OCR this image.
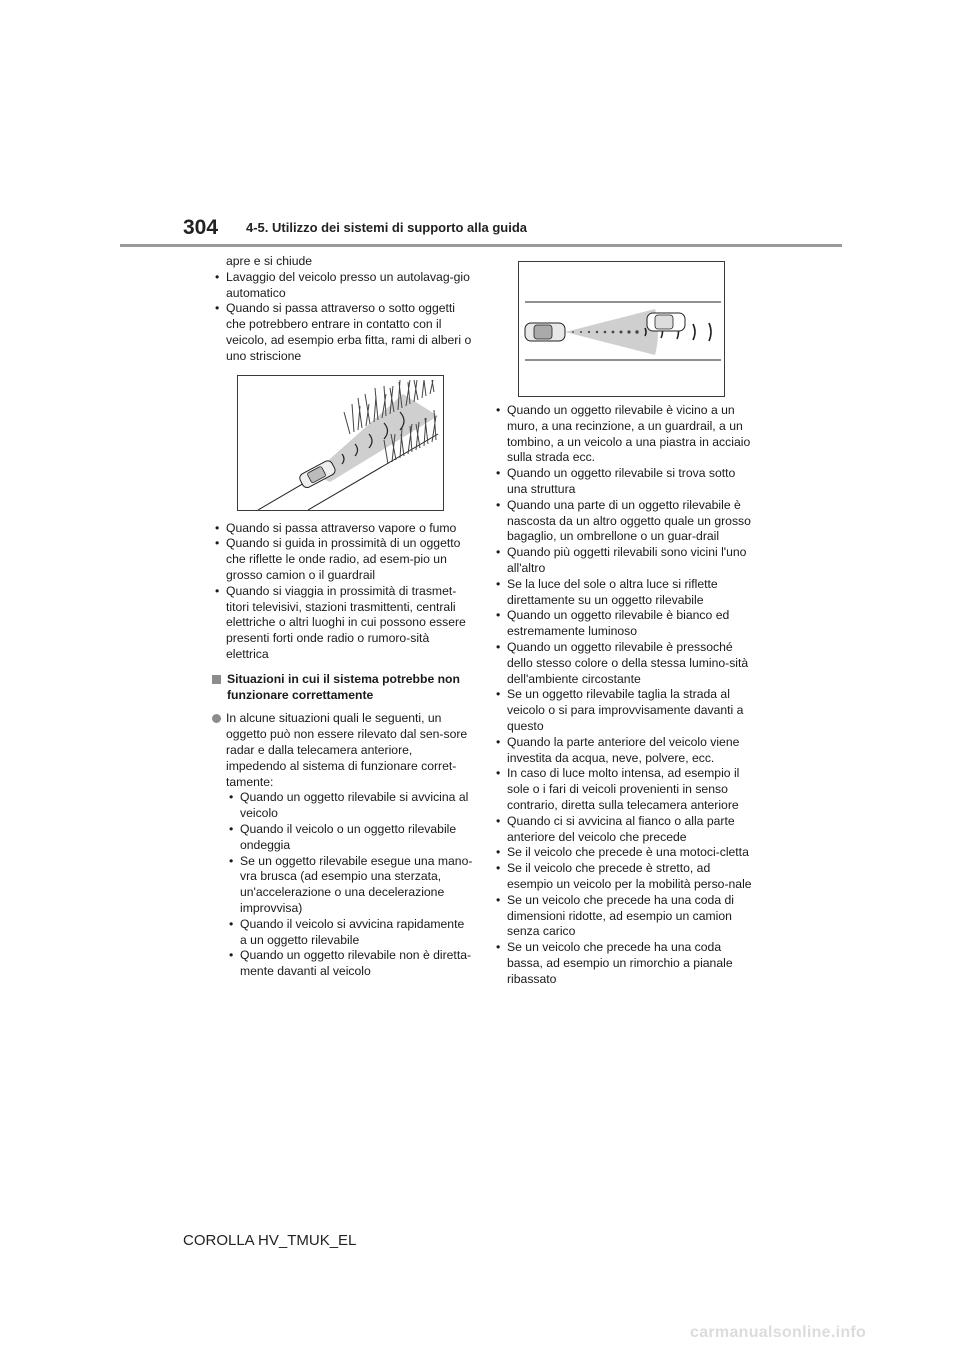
304 4-5. Utilizzo dei sistemi di supporto alla guida
apre e si chiude
• Lavaggio del veicolo presso un autolavag-gio automatico
• Quando si passa attraverso o sotto oggetti che potrebbero entrare in contatto con il veicolo, ad esempio erba fitta, rami di alberi o uno striscione
• Quando si passa attraverso vapore o fumo
• Quando si guida in prossimità di un oggetto che riflette le onde radio, ad esem-pio un grosso camion o il guardrail
• Quando si viaggia in prossimità di trasmet-titori televisivi, stazioni trasmittenti, centrali elettriche o altri luoghi in cui possono essere presenti forti onde radio o rumoro-sità elettrica
Situazioni in cui il sistema potrebbe non funzionare correttamente
In alcune situazioni quali le seguenti, un oggetto può non essere rilevato dal sen-sore radar e dalla telecamera anteriore, impedendo al sistema di funzionare corret-tamente:
• Quando un oggetto rilevabile si avvicina al veicolo
• Quando il veicolo o un oggetto rilevabile ondeggia
• Se un oggetto rilevabile esegue una mano-vra brusca (ad esempio una sterzata, un'accelerazione o una decelerazione improvvisa)
• Quando il veicolo si avvicina rapidamente a un oggetto rilevabile
• Quando un oggetto rilevabile non è diretta-mente davanti al veicolo
• Quando un oggetto rilevabile è vicino a un muro, a una recinzione, a un guardrail, a un tombino, a un veicolo a una piastra in acciaio sulla strada ecc.
• Quando un oggetto rilevabile si trova sotto una struttura
• Quando una parte di un oggetto rilevabile è nascosta da un altro oggetto quale un grosso bagaglio, un ombrellone o un guar-drail
• Quando più oggetti rilevabili sono vicini l'uno all'altro
• Se la luce del sole o altra luce si riflette direttamente su un oggetto rilevabile
• Quando un oggetto rilevabile è bianco ed estremamente luminoso
• Quando un oggetto rilevabile è pressoché dello stesso colore o della stessa lumino-sità dell'ambiente circostante
• Se un oggetto rilevabile taglia la strada al veicolo o si para improvvisamente davanti a questo
• Quando la parte anteriore del veicolo viene investita da acqua, neve, polvere, ecc.
• In caso di luce molto intensa, ad esempio il sole o i fari di veicoli provenienti in senso contrario, diretta sulla telecamera anteriore
• Quando ci si avvicina al fianco o alla parte anteriore del veicolo che precede
• Se il veicolo che precede è una motoci-cletta
• Se il veicolo che precede è stretto, ad esempio un veicolo per la mobilità perso-nale
• Se un veicolo che precede ha una coda di dimensioni ridotte, ad esempio un camion senza carico
• Se un veicolo che precede ha una coda bassa, ad esempio un rimorchio a pianale ribassato
COROLLA HV_TMUK_EL
carmanualsonline.info
